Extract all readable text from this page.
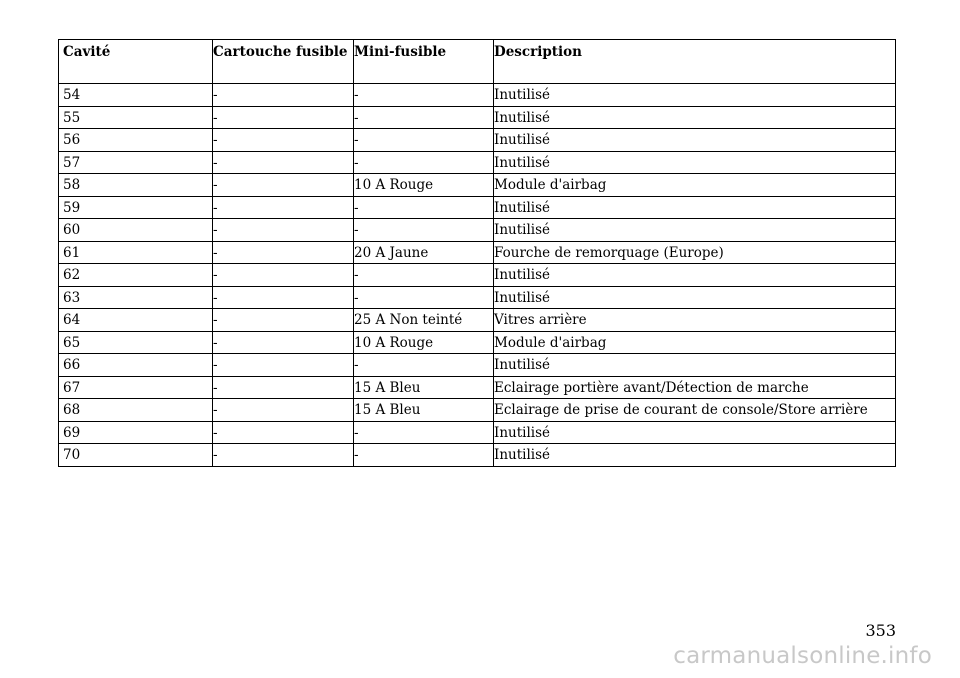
Cavité	Cartouche fusible	Mini-fusible	Description
54	-	-	Inutilisé
55	-	-	Inutilisé
56	-	-	Inutilisé
57	-	-	Inutilisé
58	-	10 A Rouge	Module d'airbag
59	-	-	Inutilisé
60	-	-	Inutilisé
61	-	20 A Jaune	Fourche de remorquage (Europe)
62	-	-	Inutilisé
63	-	-	Inutilisé
64	-	25 A Non teinté	Vitres arrière
65	-	10 A Rouge	Module d'airbag
66	-	-	Inutilisé
67	-	15 A Bleu	Eclairage portière avant/Détection de marche
68	-	15 A Bleu	Eclairage de prise de courant de console/Store arrière
69	-	-	Inutilisé
70	-	-	Inutilisé
353
carmanualsonline.info
